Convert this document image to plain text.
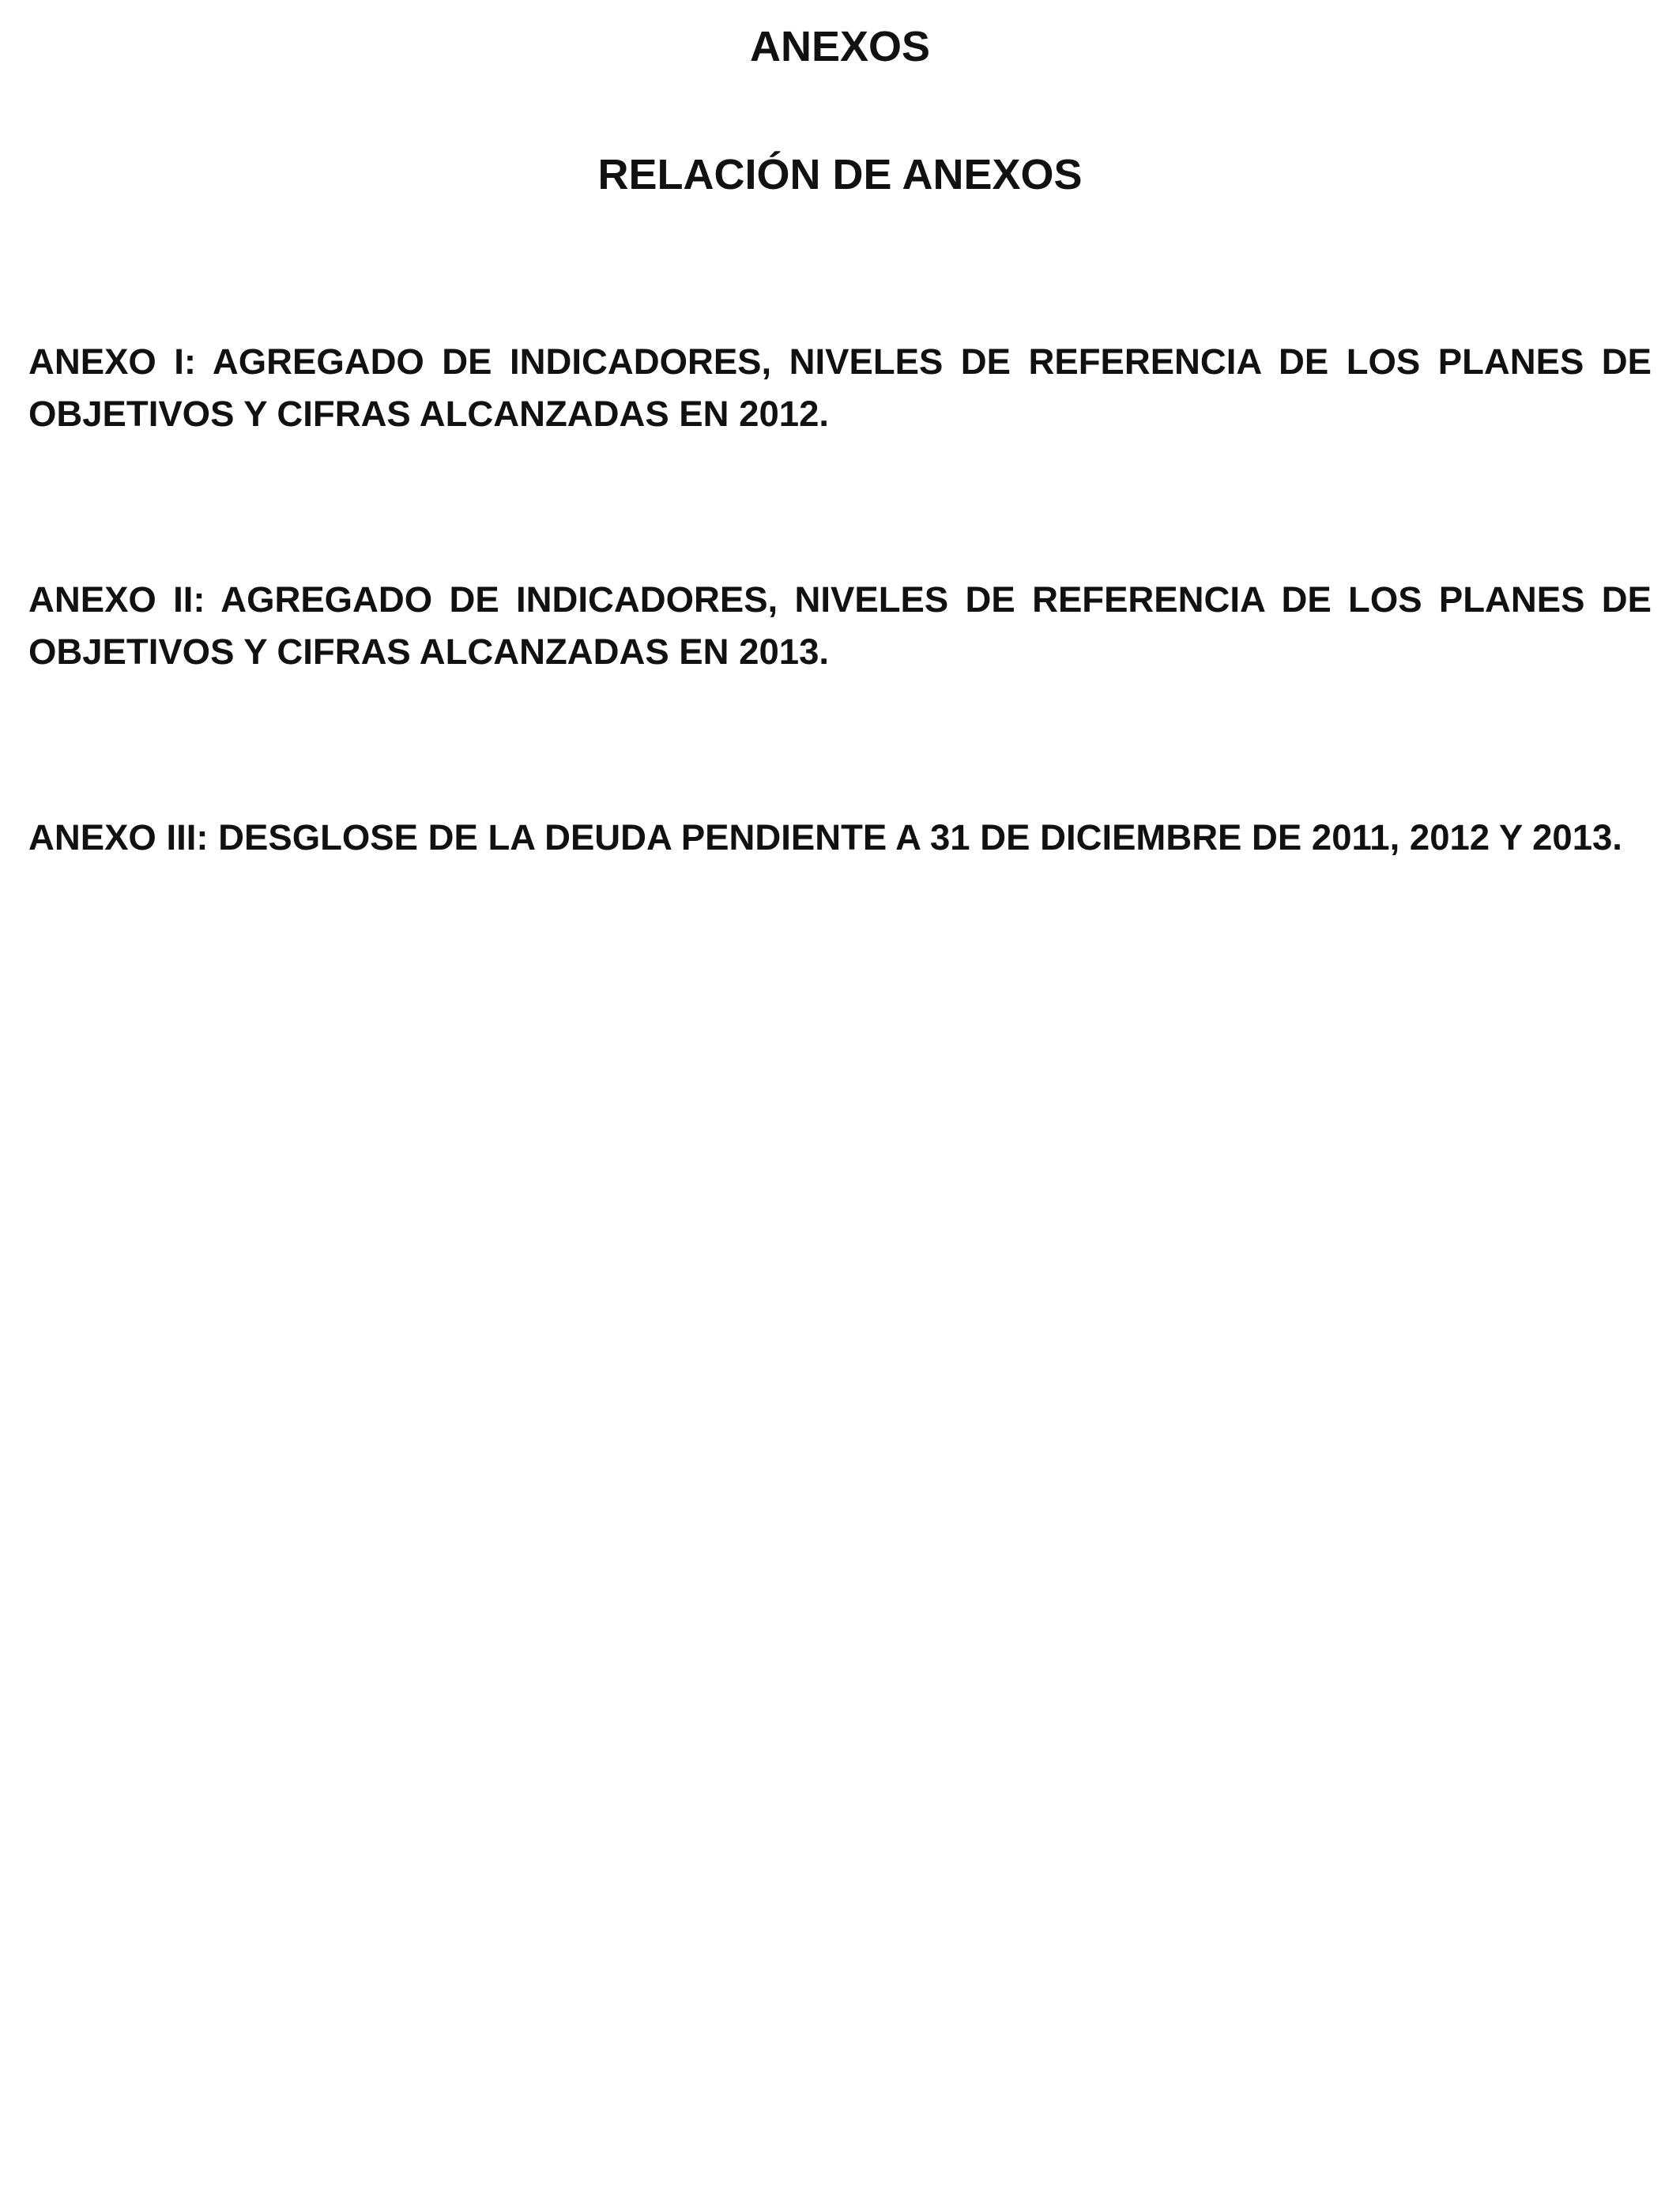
ANEXOS
RELACIÓN DE ANEXOS

ANEXO I: AGREGADO DE INDICADORES, NIVELES DE REFERENCIA DE LOS PLANES DE OBJETIVOS Y CIFRAS ALCANZADAS EN 2012.

ANEXO II: AGREGADO DE INDICADORES, NIVELES DE REFERENCIA DE LOS PLANES DE OBJETIVOS Y CIFRAS ALCANZADAS EN 2013.

ANEXO III: DESGLOSE DE LA DEUDA PENDIENTE A 31 DE DICIEMBRE DE 2011, 2012 Y 2013.
